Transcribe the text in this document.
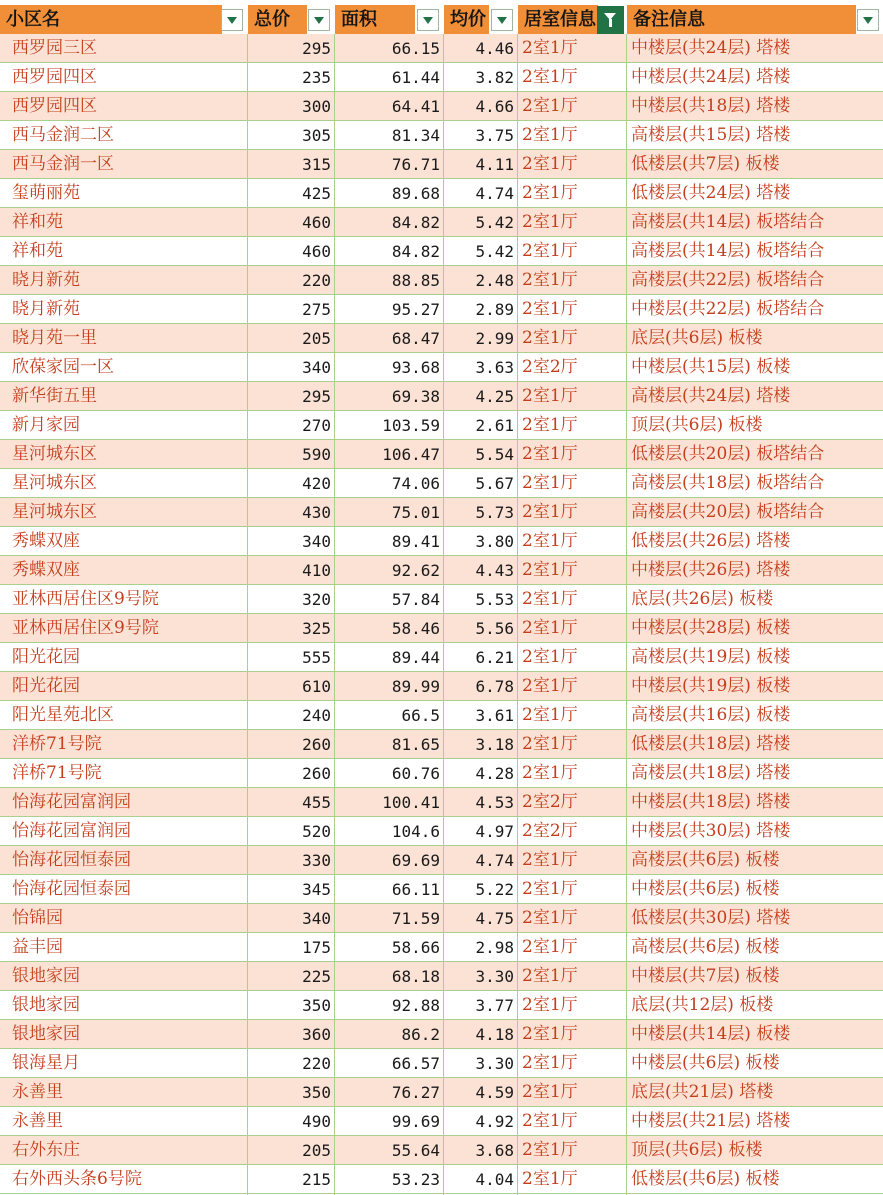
小区名	总价	面积	均价	居室信息	备注信息
西罗园三区	295	66.15	4.46 2室1厅	中楼层(共24层) 塔楼
西罗园四区	235	61.44	3.82 2室1厅	中楼层(共24层) 塔楼
西罗园四区	300	64.41	4.66 2室1厅	中楼层(共18层) 塔楼
西马金润二区	305	81.34	3.75 2室1厅	高楼层(共15层) 塔楼
西马金润一区	315	76.71	4.11 2室1厅	低楼层(共7层) 板楼
玺萌丽苑	425	89.68	4.74 2室1厅	低楼层(共24层) 塔楼
祥和苑	460	84.82	5.42 2室1厅	高楼层(共14层) 板塔结合
祥和苑	460	84.82	5.42 2室1厅	高楼层(共14层) 板塔结合
晓月新苑	220	88.85	2.48 2室1厅	高楼层(共22层) 板塔结合
晓月新苑	275	95.27	2.89 2室1厅	中楼层(共22层) 板塔结合
晓月苑一里	205	68.47	2.99 2室1厅	底层(共6层) 板楼
欣葆家园一区	340	93.68	3.63 2室2厅	中楼层(共15层) 板楼
新华街五里	295	69.38	4.25 2室1厅	高楼层(共24层) 塔楼
新月家园	270	103.59	2.61 2室1厅	顶层(共6层) 板楼
星河城东区	590	106.47	5.54 2室1厅	低楼层(共20层) 板塔结合
星河城东区	420	74.06	5.67 2室1厅	高楼层(共18层) 板塔结合
星河城东区	430	75.01	5.73 2室1厅	高楼层(共20层) 板塔结合
秀蝶双座	340	89.41	3.80 2室1厅	低楼层(共26层) 塔楼
秀蝶双座	410	92.62	4.43 2室1厅	中楼层(共26层) 塔楼
亚林西居住区9号院	320	57.84	5.53 2室1厅	底层(共26层) 板楼
亚林西居住区9号院	325	58.46	5.56 2室1厅	中楼层(共28层) 板楼
阳光花园	555	89.44	6.21 2室1厅	高楼层(共19层) 板楼
阳光花园	610	89.99	6.78 2室1厅	中楼层(共19层) 板楼
阳光星苑北区	240	66.5	3.61 2室1厅	高楼层(共16层) 板楼
洋桥71号院	260	81.65	3.18 2室1厅	低楼层(共18层) 塔楼
洋桥71号院	260	60.76	4.28 2室1厅	高楼层(共18层) 塔楼
怡海花园富润园	455	100.41	4.53 2室2厅	中楼层(共18层) 塔楼
怡海花园富润园	520	104.6	4.97 2室2厅	中楼层(共30层) 塔楼
怡海花园恒泰园	330	69.69	4.74 2室1厅	高楼层(共6层) 板楼
怡海花园恒泰园	345	66.11	5.22 2室1厅	中楼层(共6层) 板楼
怡锦园	340	71.59	4.75 2室1厅	低楼层(共30层) 塔楼
益丰园	175	58.66	2.98 2室1厅	高楼层(共6层) 板楼
银地家园	225	68.18	3.30 2室1厅	中楼层(共7层) 板楼
银地家园	350	92.88	3.77 2室1厅	底层(共12层) 板楼
银地家园	360	86.2	4.18 2室1厅	中楼层(共14层) 板楼
银海星月	220	66.57	3.30 2室1厅	中楼层(共6层) 板楼
永善里	350	76.27	4.59 2室1厅	底层(共21层) 塔楼
永善里	490	99.69	4.92 2室1厅	中楼层(共21层) 塔楼
右外东庄	205	55.64	3.68 2室1厅	顶层(共6层) 板楼
右外西头条6号院	215	53.23	4.04 2室1厅	低楼层(共6层) 板楼
